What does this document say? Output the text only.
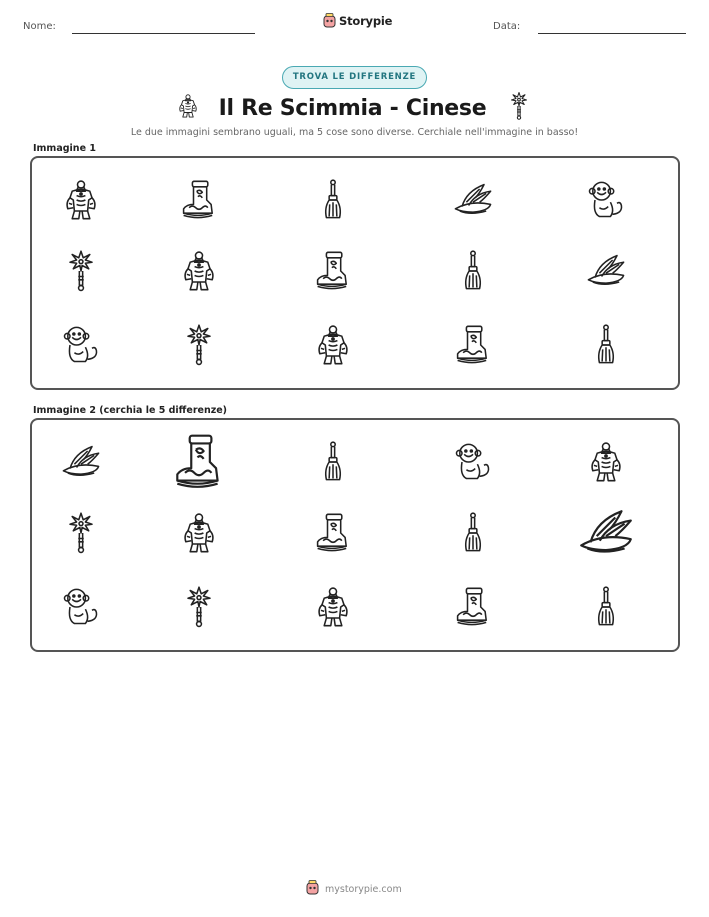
Nome:	Storypie	Data:
TROVA LE DIFFERENZE
Il Re Scimmia - Cinese
Le due immagini sembrano uguali, ma 5 cose sono diverse. Cerchiale nell'immagine in basso!
Immagine 1
Immagine 2 (cerchia le 5 differenze)
mystorypie.com
